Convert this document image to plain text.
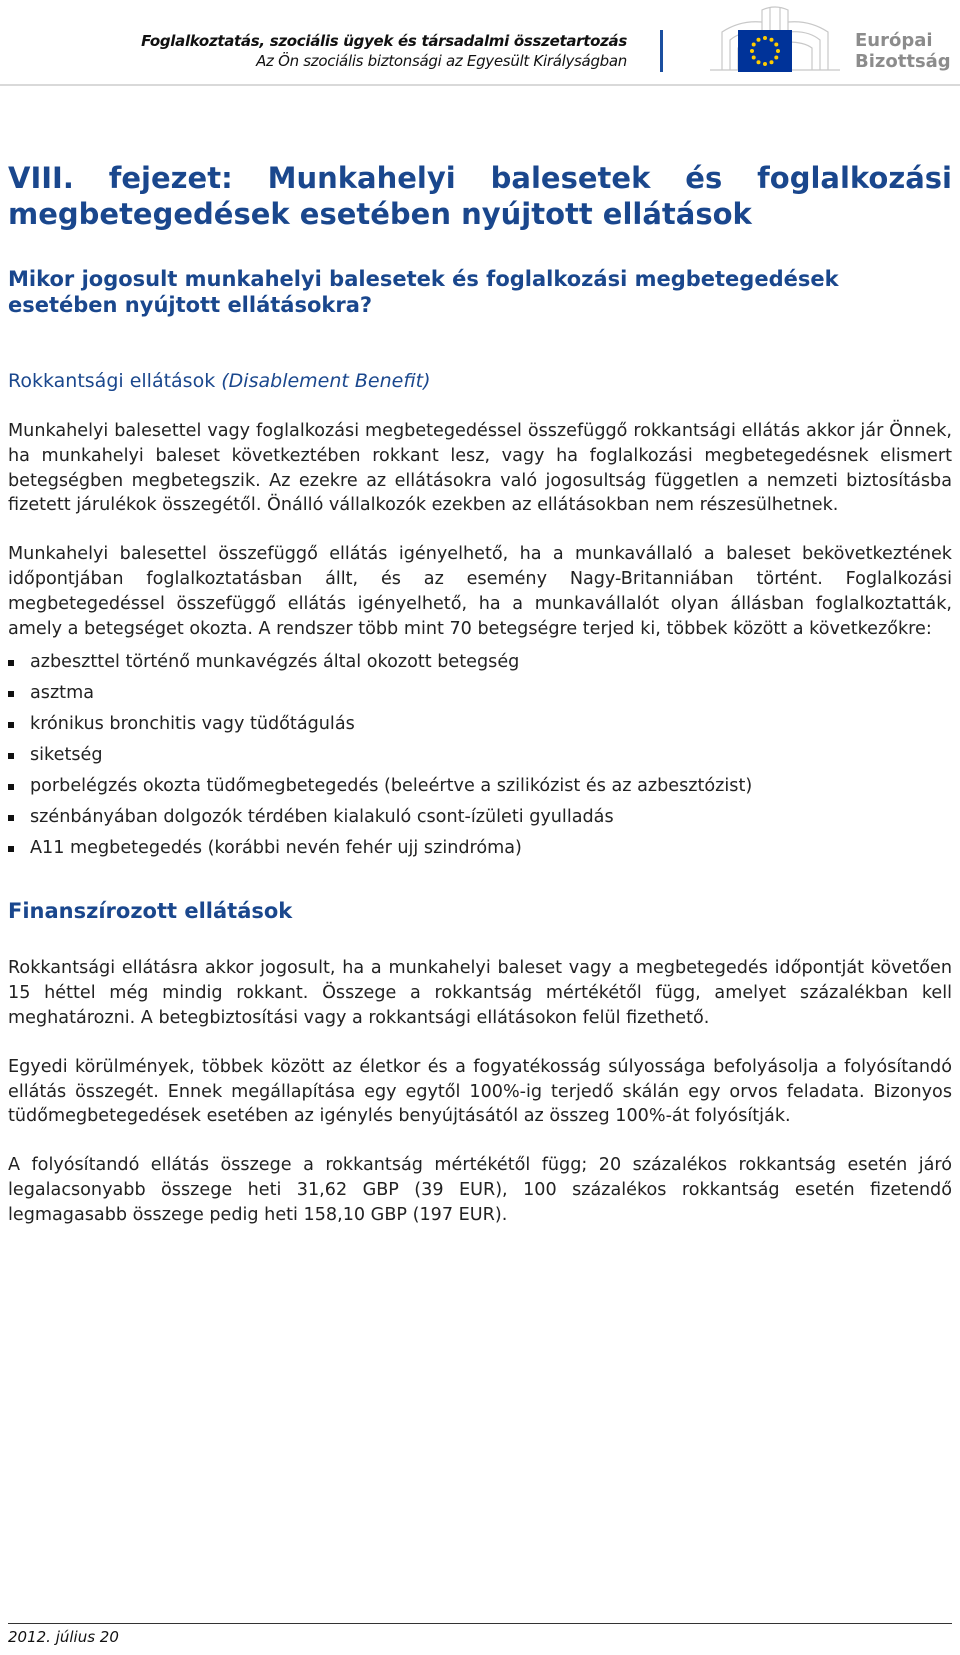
Foglalkoztatás, szociális ügyek és társadalmi összetartozás
Az Ön szociális biztonsági az Egyesült Királyságban
Európai
Bizottság
VIII. fejezet: Munkahelyi balesetek és foglalkozási megbetegedések esetében nyújtott ellátások
Mikor jogosult munkahelyi balesetek és foglalkozási megbetegedések esetében nyújtott ellátásokra?
Rokkantsági ellátások (Disablement Benefit)

Munkahelyi balesettel vagy foglalkozási megbetegedéssel összefüggő rokkantsági ellátás akkor jár Önnek, ha munkahelyi baleset következtében rokkant lesz, vagy ha foglalkozási megbetegedésnek elismert betegségben megbetegszik. Az ezekre az ellátásokra való jogosultság független a nemzeti biztosításba fizetett járulékok összegétől. Önálló vállalkozók ezekben az ellátásokban nem részesülhetnek.

Munkahelyi balesettel összefüggő ellátás igényelhető, ha a munkavállaló a baleset bekövetkeztének időpontjában foglalkoztatásban állt, és az esemény Nagy-Britanniában történt. Foglalkozási megbetegedéssel összefüggő ellátás igényelhető, ha a munkavállalót olyan állásban foglalkoztatták, amely a betegséget okozta. A rendszer több mint 70 betegségre terjed ki, többek között a következőkre:

azbeszttel történő munkavégzés által okozott betegség
asztma
krónikus bronchitis vagy tüdőtágulás
siketség
porbelégzés okozta tüdőmegbetegedés (beleértve a szilikózist és az azbesztózist)
szénbányában dolgozók térdében kialakuló csont-ízületi gyulladás
A11 megbetegedés (korábbi nevén fehér ujj szindróma)
Finanszírozott ellátások

Rokkantsági ellátásra akkor jogosult, ha a munkahelyi baleset vagy a megbetegedés időpontját követően 15 héttel még mindig rokkant. Összege a rokkantság mértékétől függ, amelyet százalékban kell meghatározni. A betegbiztosítási vagy a rokkantsági ellátásokon felül fizethető.

Egyedi körülmények, többek között az életkor és a fogyatékosság súlyossága befolyásolja a folyósítandó ellátás összegét. Ennek megállapítása egy egytől 100%-ig terjedő skálán egy orvos feladata. Bizonyos tüdőmegbetegedések esetében az igénylés benyújtásától az összeg 100%-át folyósítják.

A folyósítandó ellátás összege a rokkantság mértékétől függ; 20 százalékos rokkantság esetén járó legalacsonyabb összege heti 31,62 GBP (39 EUR), 100 százalékos rokkantság esetén fizetendő legmagasabb összege pedig heti 158,10 GBP (197 EUR).

2012. július 20
